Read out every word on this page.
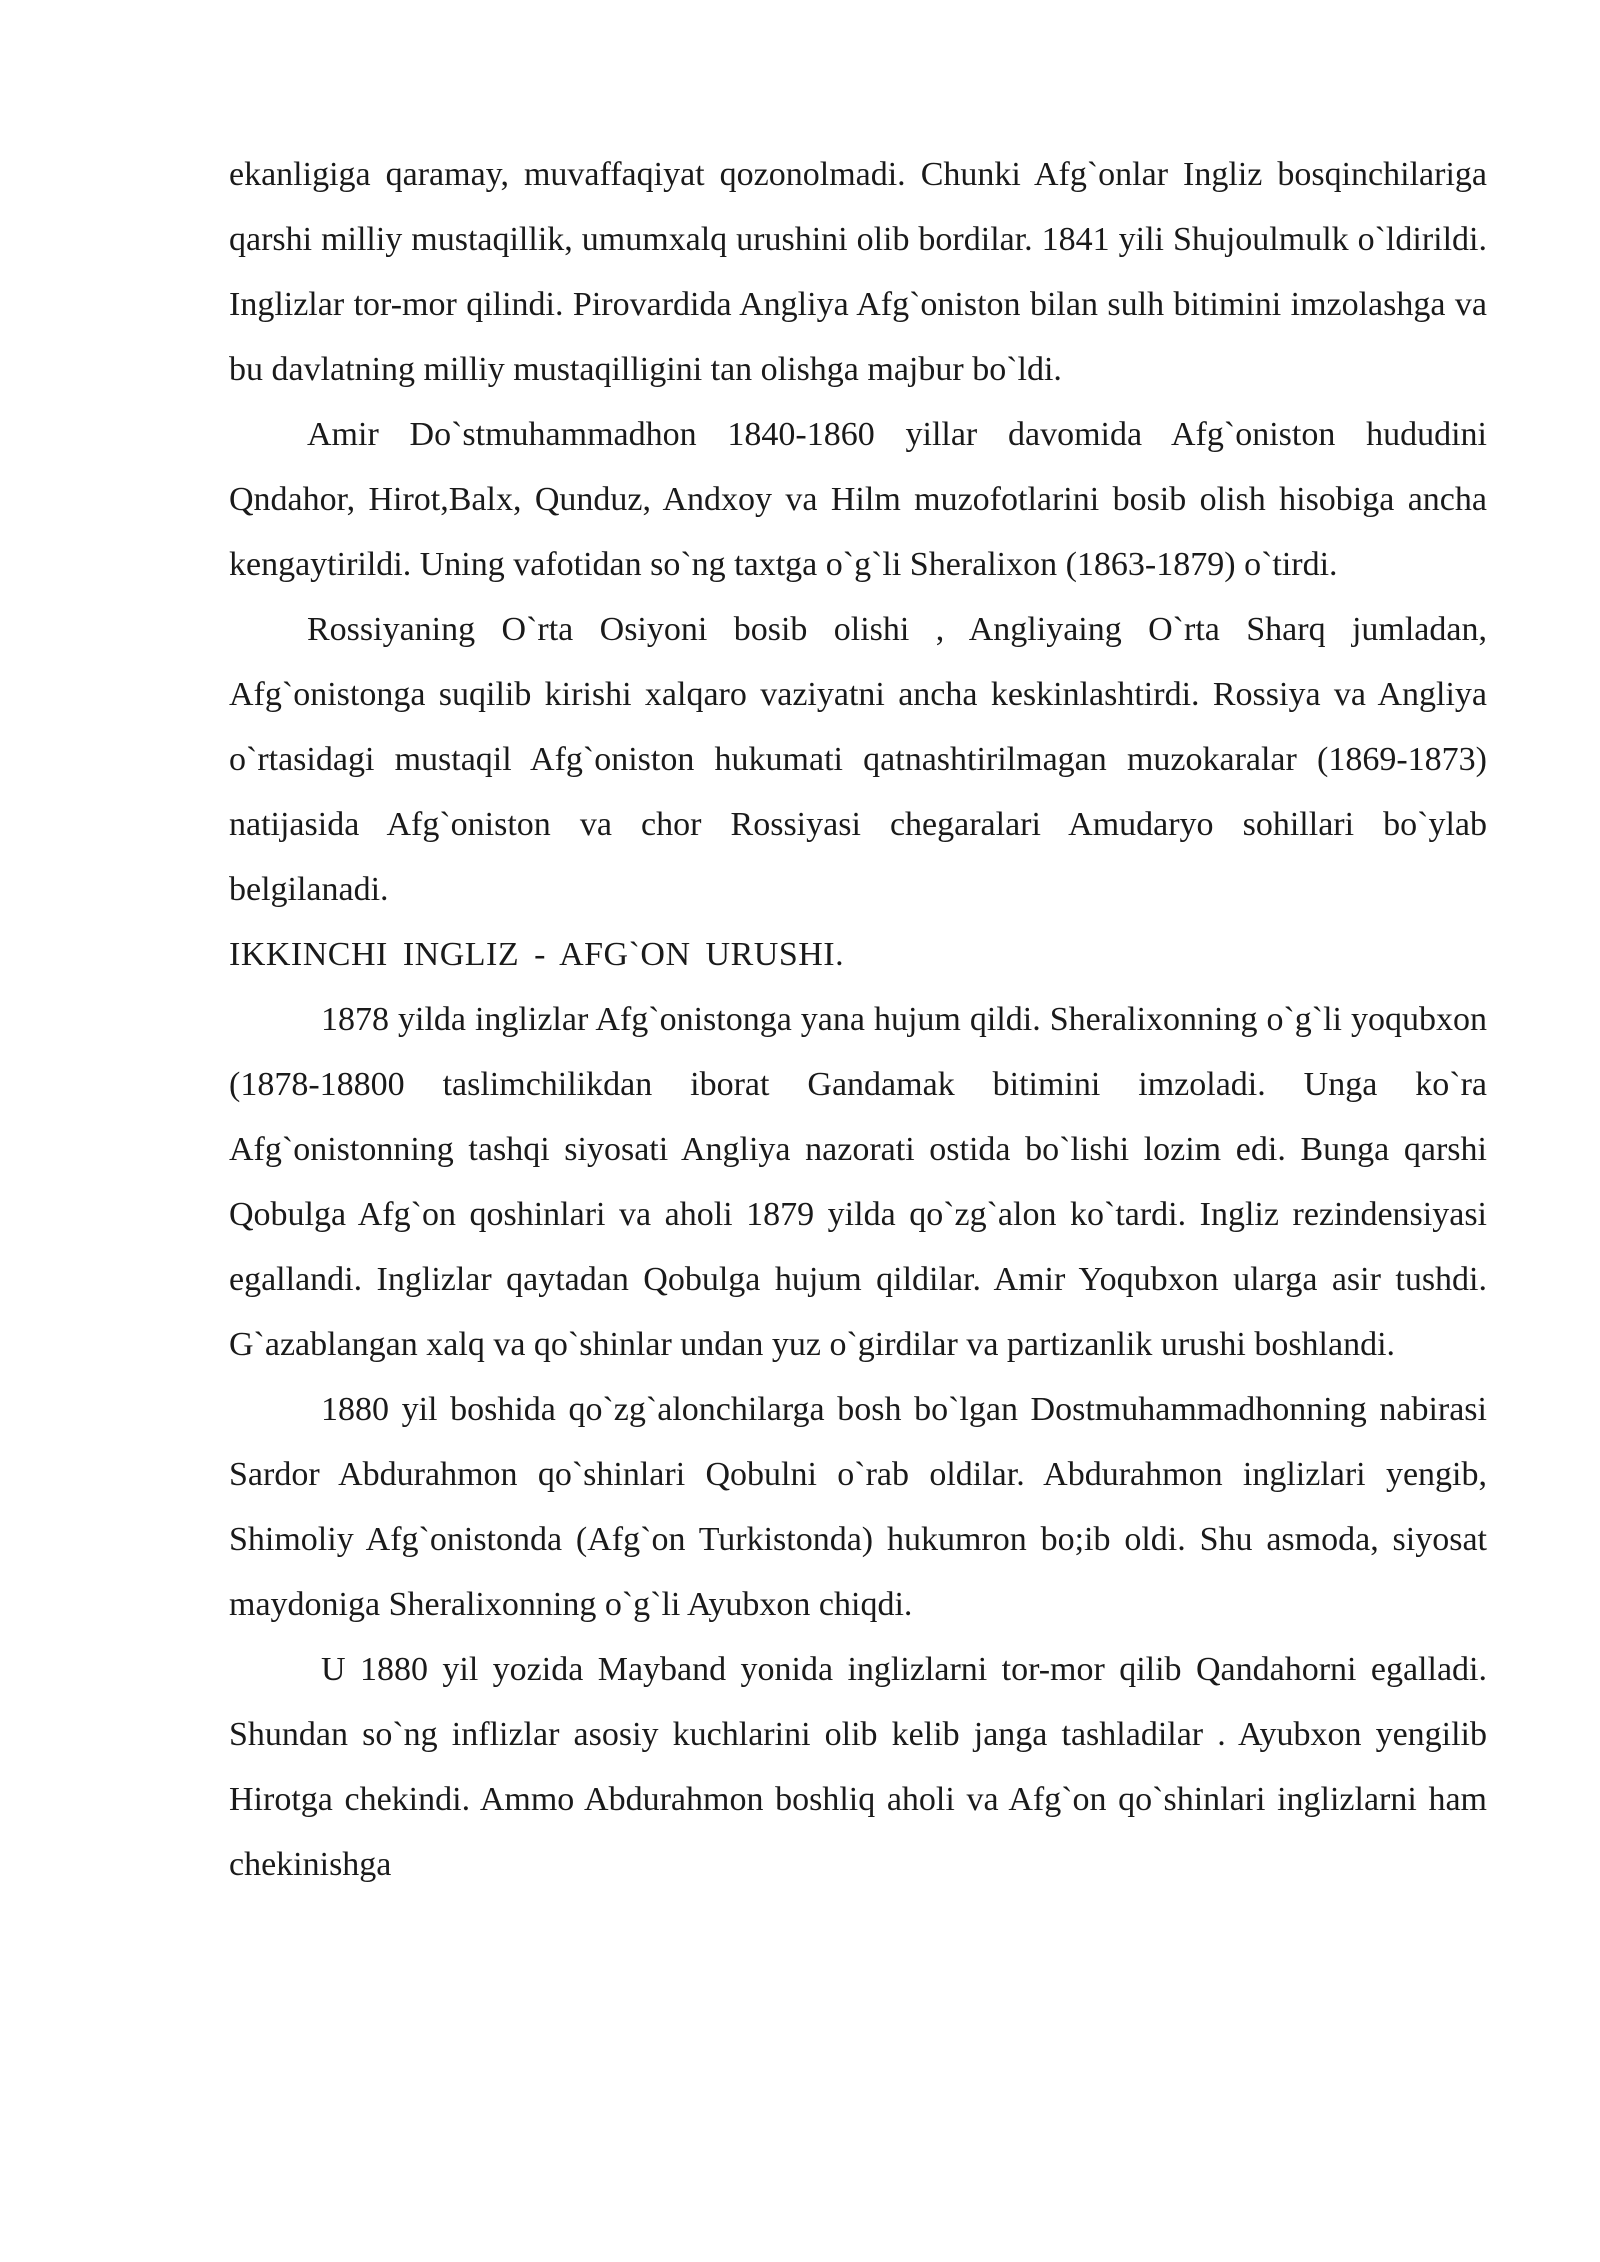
ekanligiga qaramay, muvaffaqiyat qozonolmadi. Chunki Afg`onlar Ingliz bosqinchilariga qarshi milliy mustaqillik, umumxalq urushini olib bordilar. 1841 yili Shujoulmulk o`ldirildi. Inglizlar tor-mor qilindi. Pirovardida Angliya Afg`oniston bilan sulh bitimini imzolashga va bu davlatning milliy mustaqilligini tan olishga majbur bo`ldi.

Amir Do`stmuhammadhon 1840-1860 yillar davomida Afg`oniston hududini Qndahor, Hirot,Balx, Qunduz, Andxoy va Hilm muzofotlarini bosib olish hisobiga ancha kengaytirildi. Uning vafotidan so`ng taxtga o`g`li Sheralixon (1863-1879) o`tirdi.

Rossiyaning O`rta Osiyoni bosib olishi , Angliyaing O`rta Sharq jumladan, Afg`onistonga suqilib kirishi xalqaro vaziyatni ancha keskinlashtirdi. Rossiya va Angliya o`rtasidagi mustaqil Afg`oniston hukumati qatnashtirilmagan muzokaralar (1869-1873) natijasida Afg`oniston va chor Rossiyasi chegaralari Amudaryo sohillari bo`ylab belgilanadi.

IKKINCHI INGLIZ - AFG`ON URUSHI.

1878 yilda inglizlar Afg`onistonga yana hujum qildi. Sheralixonning o`g`li yoqubxon (1878-18800 taslimchilikdan iborat Gandamak bitimini imzoladi. Unga ko`ra Afg`onistonning tashqi siyosati Angliya nazorati ostida bo`lishi lozim edi. Bunga qarshi Qobulga Afg`on qoshinlari va aholi 1879 yilda qo`zg`alon ko`tardi. Ingliz rezindensiyasi egallandi. Inglizlar qaytadan Qobulga hujum qildilar. Amir Yoqubxon ularga asir tushdi. G`azablangan xalq va qo`shinlar undan yuz o`girdilar va partizanlik urushi boshlandi.

1880 yil boshida qo`zg`alonchilarga bosh bo`lgan Dostmuhammadhonning nabirasi Sardor Abdurahmon qo`shinlari Qobulni o`rab oldilar. Abdurahmon inglizlari yengib, Shimoliy Afg`onistonda (Afg`on Turkistonda) hukumron bo;ib oldi. Shu asmoda, siyosat maydoniga Sheralixonning o`g`li Ayubxon chiqdi.

U 1880 yil yozida Mayband yonida inglizlarni tor-mor qilib Qandahorni egalladi. Shundan so`ng inflizlar asosiy kuchlarini olib kelib janga tashladilar . Ayubxon yengilib Hirotga chekindi. Ammo Abdurahmon boshliq aholi va Afg`on qo`shinlari inglizlarni ham chekinishga
